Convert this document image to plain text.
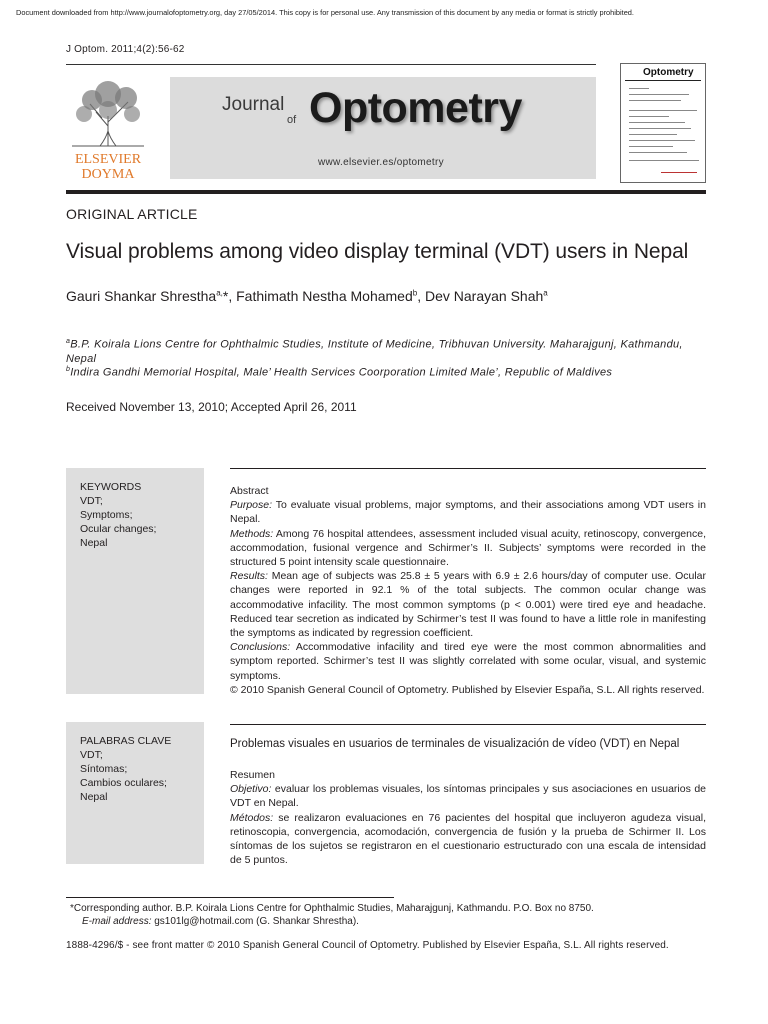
Document downloaded from http://www.journalofoptometry.org, day 27/05/2014. This copy is for personal use. Any transmission of this document by any media or format is strictly prohibited.
J Optom. 2011;4(2):56-62
ELSEVIER
DOYMA
Journal
of Optometry
www.elsevier.es/optometry
Optometry
ORIGINAL ARTICLE
Visual problems among video display terminal (VDT) users in Nepal
Gauri Shankar Shrestha$^{a,}$*, Fathimath Nestha Mohamed$^b$, Dev Narayan Shah$^a$
$^a$B.P. Koirala Lions Centre for Ophthalmic Studies, Institute of Medicine, Tribhuvan University. Maharajgunj, Kathmandu, Nepal
$^b$Indira Gandhi Memorial Hospital, Male’ Health Services Coorporation Limited Male’, Republic of Maldives
Received November 13, 2010; Accepted April 26, 2011
KEYWORDS
VDT;
Symptoms;
Ocular changes;
Nepal

Abstract

Purpose: To evaluate visual problems, major symptoms, and their associations among VDT users in Nepal.

Methods: Among 76 hospital attendees, assessment included visual acuity, retinoscopy, convergence, accommodation, fusional vergence and Schirmer’s II. Subjects’ symptoms were recorded in the structured 5 point intensity scale questionnaire.

Results: Mean age of subjects was 25.8 ± 5 years with 6.9 ± 2.6 hours/day of computer use. Ocular changes were reported in 92.1 % of the total subjects. The common ocular change was accommodative infacility. The most common symptoms (p < 0.001) were tired eye and headache. Reduced tear secretion as indicated by Schirmer’s test II was found to have a little role in manifesting the symptoms as indicated by regression coefficient.

Conclusions: Accommodative infacility and tired eye were the most common abnormalities and symptom reported. Schirmer’s test II was slightly correlated with some ocular, visual, and systemic symptoms.

© 2010 Spanish General Council of Optometry. Published by Elsevier España, S.L. All rights reserved.

PALABRAS CLAVE
VDT;
Síntomas;
Cambios oculares;
Nepal
Problemas visuales en usuarios de terminales de visualización de vídeo (VDT) en Nepal

Resumen

Objetivo: evaluar los problemas visuales, los síntomas principales y sus asociaciones en usuarios de VDT en Nepal.

Métodos: se realizaron evaluaciones en 76 pacientes del hospital que incluyeron agudeza visual, retinoscopia, convergencia, acomodación, convergencia de fusión y la prueba de Schirmer II. Los síntomas de los sujetos se registraron en el cuestionario estructurado con una escala de intensidad de 5 puntos.

*Corresponding author. B.P. Koirala Lions Centre for Ophthalmic Studies, Maharajgunj, Kathmandu. P.O. Box no 8750.
E-mail address: gs101lg@hotmail.com (G. Shankar Shrestha).
1888-4296/$ - see front matter © 2010 Spanish General Council of Optometry. Published by Elsevier España, S.L. All rights reserved.
